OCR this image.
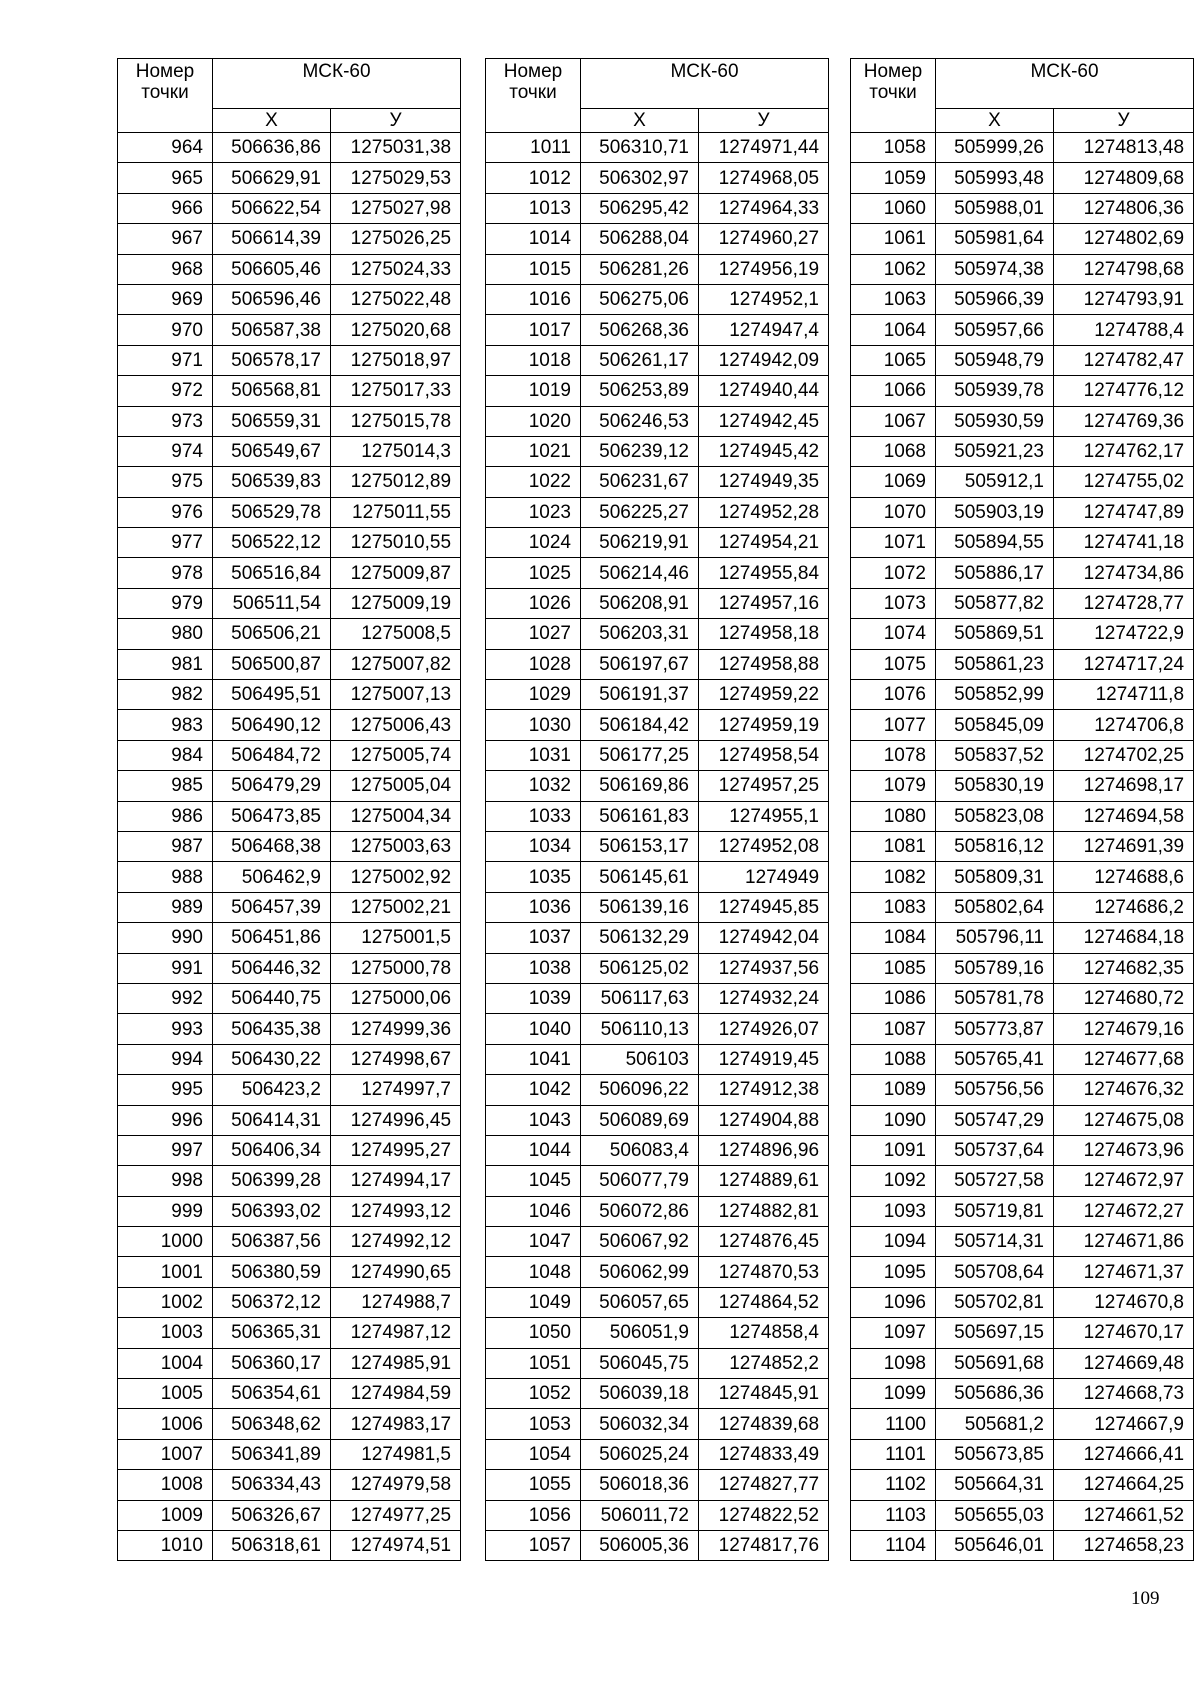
Номер
точки	МСК-60	
	Х	У
964	506636,86	1275031,38
965	506629,91	1275029,53
966	506622,54	1275027,98
967	506614,39	1275026,25
968	506605,46	1275024,33
969	506596,46	1275022,48
970	506587,38	1275020,68
971	506578,17	1275018,97
972	506568,81	1275017,33
973	506559,31	1275015,78
974	506549,67	1275014,3
975	506539,83	1275012,89
976	506529,78	1275011,55
977	506522,12	1275010,55
978	506516,84	1275009,87
979	506511,54	1275009,19
980	506506,21	1275008,5
981	506500,87	1275007,82
982	506495,51	1275007,13
983	506490,12	1275006,43
984	506484,72	1275005,74
985	506479,29	1275005,04
986	506473,85	1275004,34
987	506468,38	1275003,63
988	506462,9	1275002,92
989	506457,39	1275002,21
990	506451,86	1275001,5
991	506446,32	1275000,78
992	506440,75	1275000,06
993	506435,38	1274999,36
994	506430,22	1274998,67
995	506423,2	1274997,7
996	506414,31	1274996,45
997	506406,34	1274995,27
998	506399,28	1274994,17
999	506393,02	1274993,12
1000	506387,56	1274992,12
1001	506380,59	1274990,65
1002	506372,12	1274988,7
1003	506365,31	1274987,12
1004	506360,17	1274985,91
1005	506354,61	1274984,59
1006	506348,62	1274983,17
1007	506341,89	1274981,5
1008	506334,43	1274979,58
1009	506326,67	1274977,25
1010	506318,61	1274974,51
Номер
точки	МСК-60	
	Х	У
1011	506310,71	1274971,44
1012	506302,97	1274968,05
1013	506295,42	1274964,33
1014	506288,04	1274960,27
1015	506281,26	1274956,19
1016	506275,06	1274952,1
1017	506268,36	1274947,4
1018	506261,17	1274942,09
1019	506253,89	1274940,44
1020	506246,53	1274942,45
1021	506239,12	1274945,42
1022	506231,67	1274949,35
1023	506225,27	1274952,28
1024	506219,91	1274954,21
1025	506214,46	1274955,84
1026	506208,91	1274957,16
1027	506203,31	1274958,18
1028	506197,67	1274958,88
1029	506191,37	1274959,22
1030	506184,42	1274959,19
1031	506177,25	1274958,54
1032	506169,86	1274957,25
1033	506161,83	1274955,1
1034	506153,17	1274952,08
1035	506145,61	1274949
1036	506139,16	1274945,85
1037	506132,29	1274942,04
1038	506125,02	1274937,56
1039	506117,63	1274932,24
1040	506110,13	1274926,07
1041	506103	1274919,45
1042	506096,22	1274912,38
1043	506089,69	1274904,88
1044	506083,4	1274896,96
1045	506077,79	1274889,61
1046	506072,86	1274882,81
1047	506067,92	1274876,45
1048	506062,99	1274870,53
1049	506057,65	1274864,52
1050	506051,9	1274858,4
1051	506045,75	1274852,2
1052	506039,18	1274845,91
1053	506032,34	1274839,68
1054	506025,24	1274833,49
1055	506018,36	1274827,77
1056	506011,72	1274822,52
1057	506005,36	1274817,76
Номер
точки	МСК-60	
	Х	У
1058	505999,26	1274813,48
1059	505993,48	1274809,68
1060	505988,01	1274806,36
1061	505981,64	1274802,69
1062	505974,38	1274798,68
1063	505966,39	1274793,91
1064	505957,66	1274788,4
1065	505948,79	1274782,47
1066	505939,78	1274776,12
1067	505930,59	1274769,36
1068	505921,23	1274762,17
1069	505912,1	1274755,02
1070	505903,19	1274747,89
1071	505894,55	1274741,18
1072	505886,17	1274734,86
1073	505877,82	1274728,77
1074	505869,51	1274722,9
1075	505861,23	1274717,24
1076	505852,99	1274711,8
1077	505845,09	1274706,8
1078	505837,52	1274702,25
1079	505830,19	1274698,17
1080	505823,08	1274694,58
1081	505816,12	1274691,39
1082	505809,31	1274688,6
1083	505802,64	1274686,2
1084	505796,11	1274684,18
1085	505789,16	1274682,35
1086	505781,78	1274680,72
1087	505773,87	1274679,16
1088	505765,41	1274677,68
1089	505756,56	1274676,32
1090	505747,29	1274675,08
1091	505737,64	1274673,96
1092	505727,58	1274672,97
1093	505719,81	1274672,27
1094	505714,31	1274671,86
1095	505708,64	1274671,37
1096	505702,81	1274670,8
1097	505697,15	1274670,17
1098	505691,68	1274669,48
1099	505686,36	1274668,73
1100	505681,2	1274667,9
1101	505673,85	1274666,41
1102	505664,31	1274664,25
1103	505655,03	1274661,52
1104	505646,01	1274658,23
109
